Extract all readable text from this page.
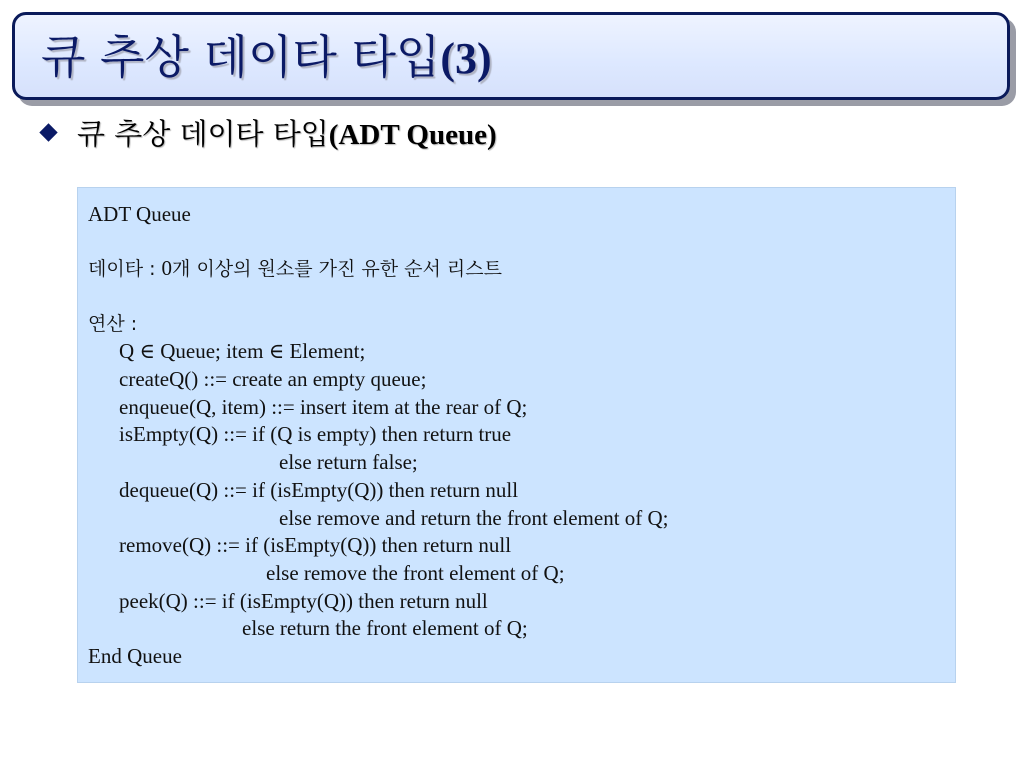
큐 추상 데이타 타입(3)
큐 추상 데이타 타입(ADT Queue)
ADT Queue
데이타 : 0개 이상의 원소를 가진 유한 순서 리스트
연산 :
Q ∈ Queue; item ∈ Element;
createQ() ::= create an empty queue;
enqueue(Q, item) ::= insert item at the rear of Q;
isEmpty(Q) ::= if (Q is empty) then return true
else return false;
dequeue(Q) ::= if (isEmpty(Q)) then return null
else remove and return the front element of Q;
remove(Q) ::= if (isEmpty(Q)) then return null
else remove the front element of Q;
peek(Q) ::= if (isEmpty(Q)) then return null
else return the front element of Q;
End Queue
